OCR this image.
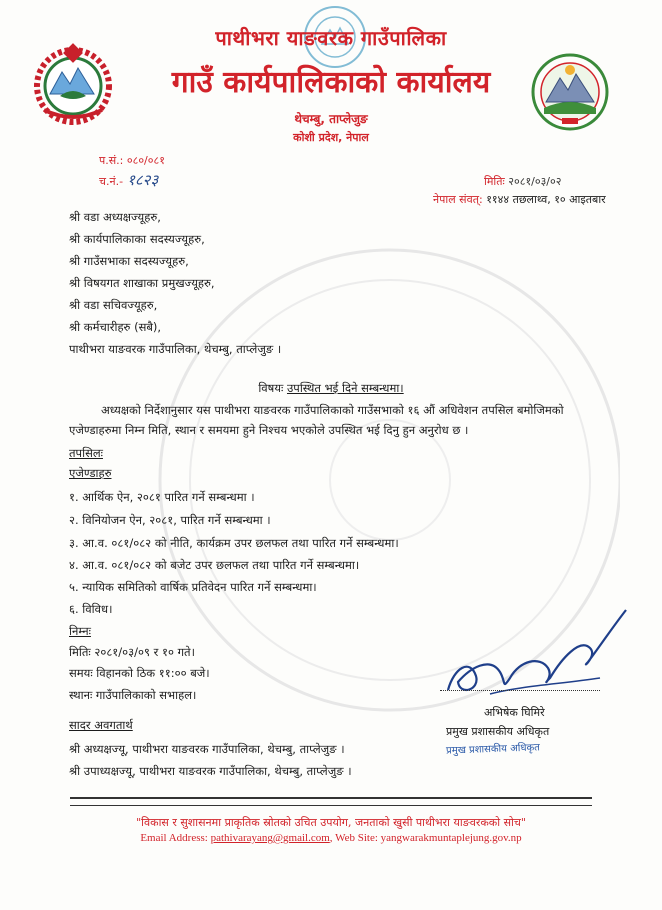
पाथीभरा याङवरक गाउँपालिका
गाउँ कार्यपालिकाको कार्यालय
थेचम्बु, ताप्लेजुङ
कोशी प्रदेश, नेपाल
प.सं.: ०८०/०८१
च.नं.- १८२३	मितिः २०८१/०३/०२
नेपाल संवत्: ११४४ तछलाथ्व, १० आइतबार
श्री वडा अध्यक्षज्यूहरु,
श्री कार्यपालिकाका सदस्यज्यूहरु,
श्री गाउँसभाका सदस्यज्यूहरु,
श्री विषयगत शाखाका प्रमुखज्यूहरु,
श्री वडा सचिवज्यूहरु,
श्री कर्मचारीहरु (सबै),
पाथीभरा याङवरक गाउँपालिका, थेचम्बु, ताप्लेजुङ ।
विषयः उपस्थित भई दिने सम्बन्धमा।
अध्यक्षको निर्देशानुसार यस पाथीभरा याङवरक गाउँपालिकाको गाउँसभाको १६ औं अधिवेशन तपसिल बमोजिमको एजेण्डाहरुमा निम्न मिति, स्थान र समयमा हुने निश्चय भएकोले उपस्थित भई दिनु हुन अनुरोध छ ।
तपसिलः
एजेण्डाहरु
१. आर्थिक ऐन, २०८१ पारित गर्ने सम्बन्धमा ।
२. विनियोजन ऐन, २०८१, पारित गर्ने सम्बन्धमा ।
३. आ.व. ०८१/०८२ को नीति, कार्यक्रम उपर छलफल तथा पारित गर्ने सम्बन्धमा।
४. आ.व. ०८१/०८२ को बजेट उपर छलफल तथा पारित गर्ने सम्बन्धमा।
५. न्यायिक समितिको वार्षिक प्रतिवेदन पारित गर्ने सम्बन्धमा।
६. विविध।
निम्नः
मितिः २०८१/०३/०९ र १० गते।
समयः विहानको ठिक ११:०० बजे।
स्थानः गाउँपालिकाको सभाहल।
अभिषेक घिमिरे
प्रमुख प्रशासकीय अधिकृत
प्रमुख प्रशासकीय अधिकृत
सादर अवगतार्थ
श्री अध्यक्षज्यू, पाथीभरा याङवरक गाउँपालिका, थेचम्बु, ताप्लेजुङ ।
श्री उपाध्यक्षज्यू, पाथीभरा याङवरक गाउँपालिका, थेचम्बु, ताप्लेजुङ ।
"विकास र सुशासनमा प्राकृतिक स्रोतको उचित उपयोग, जनताको खुसी पाथीभरा याङवरकको सोच"
Email Address: pathivarayang@gmail.com, Web Site: yangwarakmuntaplejung.gov.np
